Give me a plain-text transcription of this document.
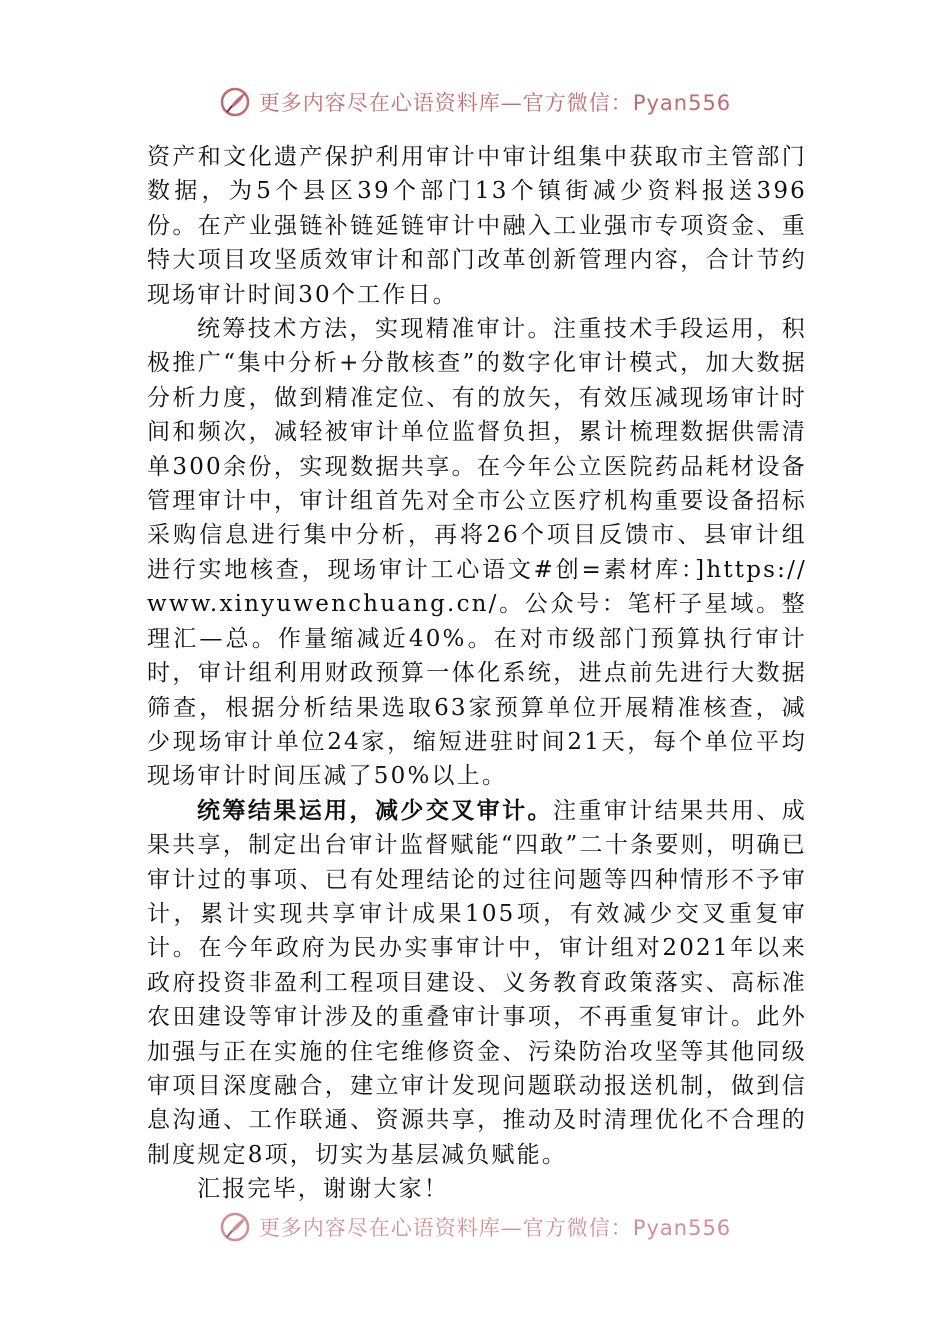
更多内容尽在心语资料库—官方微信：Pyan556

资产和文化遗产保护利用审计中审计组集中获取市主管部门数据，为5个县区39个部门13个镇街减少资料报送396份。在产业强链补链延链审计中融入工业强市专项资金、重特大项目攻坚质效审计和部门改革创新管理内容，合计节约现场审计时间30个工作日。

统筹技术方法，实现精准审计。注重技术手段运用，积极推广“集中分析+分散核查”的数字化审计模式，加大数据分析力度，做到精准定位、有的放矢，有效压减现场审计时间和频次，减轻被审计单位监督负担，累计梳理数据供需清单300余份，实现数据共享。在今年公立医院药品耗材设备管理审计中，审计组首先对全市公立医疗机构重要设备招标采购信息进行集中分析，再将26个项目反馈市、县审计组进行实地核查，现场审计工心语文#创=素材库：]https://www.xinyuwenchuang.cn/。公众号：笔杆子星域。整理汇—总。作量缩减近40%。在对市级部门预算执行审计时，审计组利用财政预算一体化系统，进点前先进行大数据筛查，根据分析结果选取63家预算单位开展精准核查，减少现场审计单位24家，缩短进驻时间21天，每个单位平均现场审计时间压减了50%以上。

统筹结果运用，减少交叉审计。注重审计结果共用、成果共享，制定出台审计监督赋能“四敢”二十条要则，明确已审计过的事项、已有处理结论的过往问题等四种情形不予审计，累计实现共享审计成果105项，有效减少交叉重复审计。在今年政府为民办实事审计中，审计组对2021年以来政府投资非盈利工程项目建设、义务教育政策落实、高标准农田建设等审计涉及的重叠审计事项，不再重复审计。此外加强与正在实施的住宅维修资金、污染防治攻坚等其他同级审项目深度融合，建立审计发现问题联动报送机制，做到信息沟通、工作联通、资源共享，推动及时清理优化不合理的制度规定8项，切实为基层减负赋能。

汇报完毕，谢谢大家！

更多内容尽在心语资料库—官方微信：Pyan556
